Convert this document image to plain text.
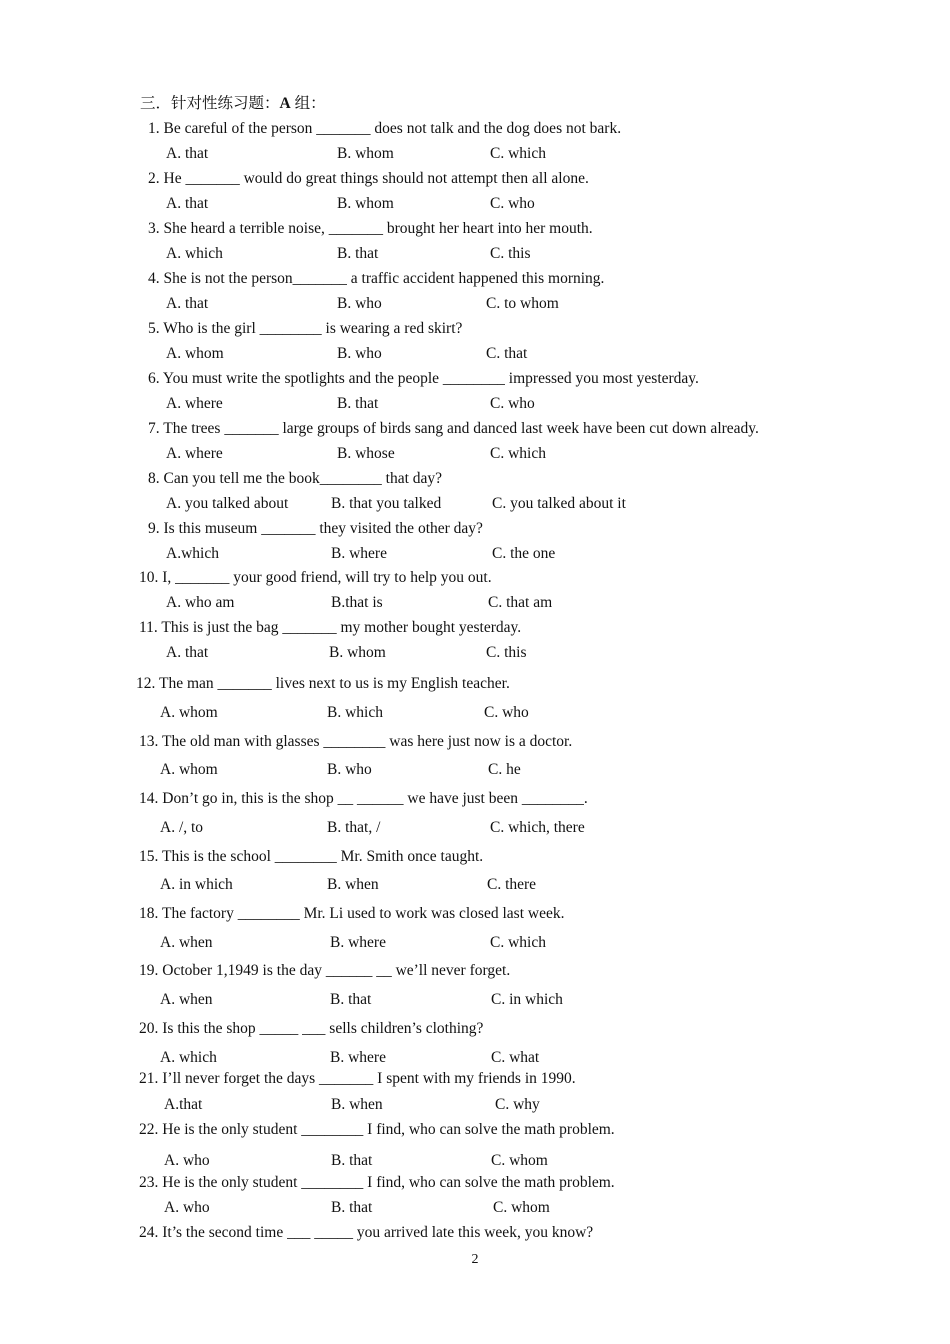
三．针对性练习题：A 组：
1. Be careful of the person _______ does not talk and the dog does not bark.
A. that	B. whom	C. which
2. He _______ would do great things should not attempt then all alone.
A. that	B. whom	C. who
3. She heard a terrible noise, _______ brought her heart into her mouth.
A. which	B. that	C. this
4. She is not the person_______ a traffic accident happened this morning.
A. that	B. who	C. to whom
5. Who is the girl ________ is wearing a red skirt?
A. whom	B. who	C. that
6. You must write the spotlights and the people ________ impressed you most yesterday.
A. where	B. that	C. who
7. The trees _______ large groups of birds sang and danced last week have been cut down already.
A. where	B. whose	C. which
8. Can you tell me the book________ that day?
A. you talked about	B. that you talked	C. you talked about it
9. Is this museum _______ they visited the other day?
A.which	B. where	C. the one
10. I, _______ your good friend, will try to help you out.
A. who am	B.that is	C. that am
11. This is just the bag _______ my mother bought yesterday.
A. that	B. whom	C. this
12. The man _______ lives next to us is my English teacher.
A. whom	B. which	C. who
13. The old man with glasses ________ was here just now is a doctor.
A. whom	B. who	C. he
14. Don’t go in, this is the shop __ ______ we have just been ________.
A. /, to	B. that, /	C. which, there
15. This is the school ________ Mr. Smith once taught.
A. in which	B. when	C. there
18. The factory ________ Mr. Li used to work was closed last week.
A. when	B. where	C. which
19. October 1,1949 is the day ______ __ we’ll never forget.
A. when	B. that	C. in which
20. Is this the shop _____ ___ sells children’s clothing?
A. which	B. where	C. what
21. I’ll never forget the days _______ I spent with my friends in 1990.
A.that	B. when	C. why
22. He is the only student ________ I find, who can solve the math problem.
A. who	B. that	C. whom
23. He is the only student ________ I find, who can solve the math problem.
A. who	B. that	C. whom
24. It’s the second time ___ _____ you arrived late this week, you know?
2
